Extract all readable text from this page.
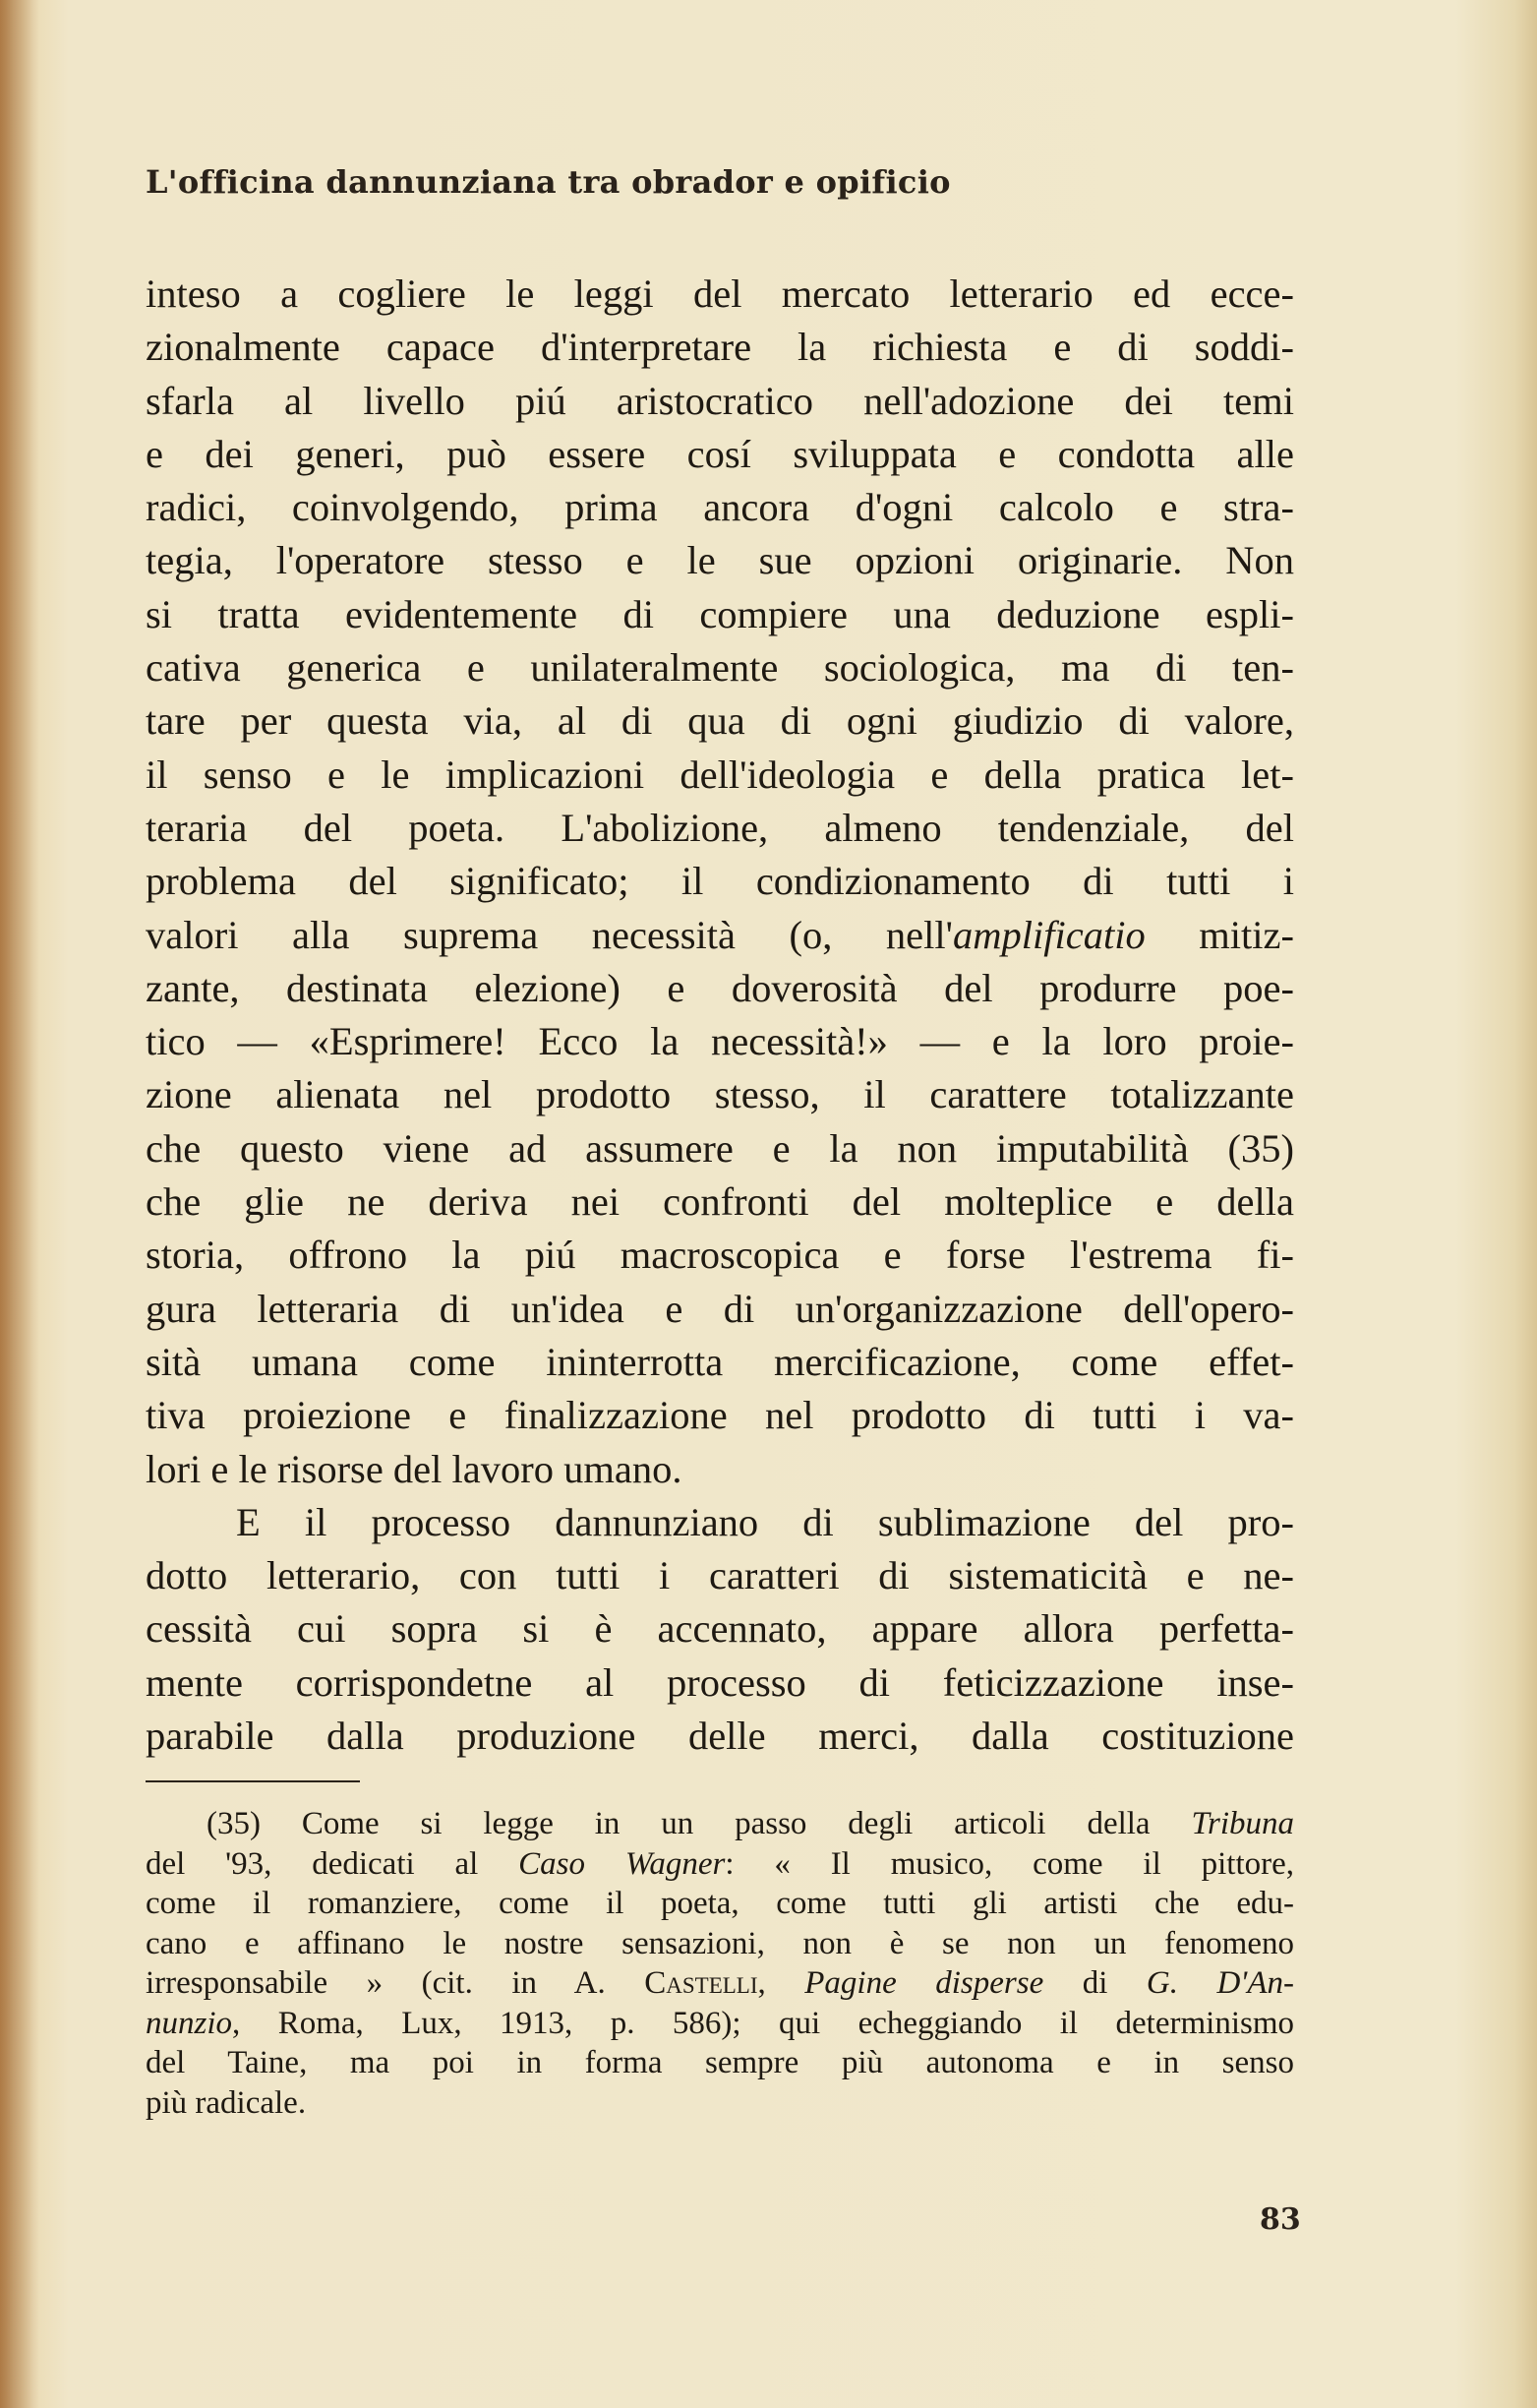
L'officina dannunziana tra obrador e opificio
inteso a cogliere le leggi del mercato letterario ed ecce-
zionalmente capace d'interpretare la richiesta e di soddi-
sfarla al livello piú aristocratico nell'adozione dei temi
e dei generi, può essere cosí sviluppata e condotta alle
radici, coinvolgendo, prima ancora d'ogni calcolo e stra-
tegia, l'operatore stesso e le sue opzioni originarie. Non
si tratta evidentemente di compiere una deduzione espli-
cativa generica e unilateralmente sociologica, ma di ten-
tare per questa via, al di qua di ogni giudizio di valore,
il senso e le implicazioni dell'ideologia e della pratica let-
teraria del poeta. L'abolizione, almeno tendenziale, del
problema del significato; il condizionamento di tutti i
valori alla suprema necessità (o, nell'amplificatio mitiz-
zante, destinata elezione) e doverosità del produrre poe-
tico — «Esprimere! Ecco la necessità!» — e la loro proie-
zione alienata nel prodotto stesso, il carattere totalizzante
che questo viene ad assumere e la non imputabilità (35)
che glie ne deriva nei confronti del molteplice e della
storia, offrono la piú macroscopica e forse l'estrema fi-
gura letteraria di un'idea e di un'organizzazione dell'opero-
sità umana come ininterrotta mercificazione, come effet-
tiva proiezione e finalizzazione nel prodotto di tutti i va-
lori e le risorse del lavoro umano.
E il processo dannunziano di sublimazione del pro-
dotto letterario, con tutti i caratteri di sistematicità e ne-
cessità cui sopra si è accennato, appare allora perfetta-
mente corrispondetne al processo di feticizzazione inse-
parabile dalla produzione delle merci, dalla costituzione
(35) Come si legge in un passo degli articoli della Tribuna
del '93, dedicati al Caso Wagner: « Il musico, come il pittore,
come il romanziere, come il poeta, come tutti gli artisti che edu-
cano e affinano le nostre sensazioni, non è se non un fenomeno
irresponsabile » (cit. in A. Castelli, Pagine disperse di G. D'An-
nunzio, Roma, Lux, 1913, p. 586); qui echeggiando il determinismo
del Taine, ma poi in forma sempre più autonoma e in senso
più radicale.
83
